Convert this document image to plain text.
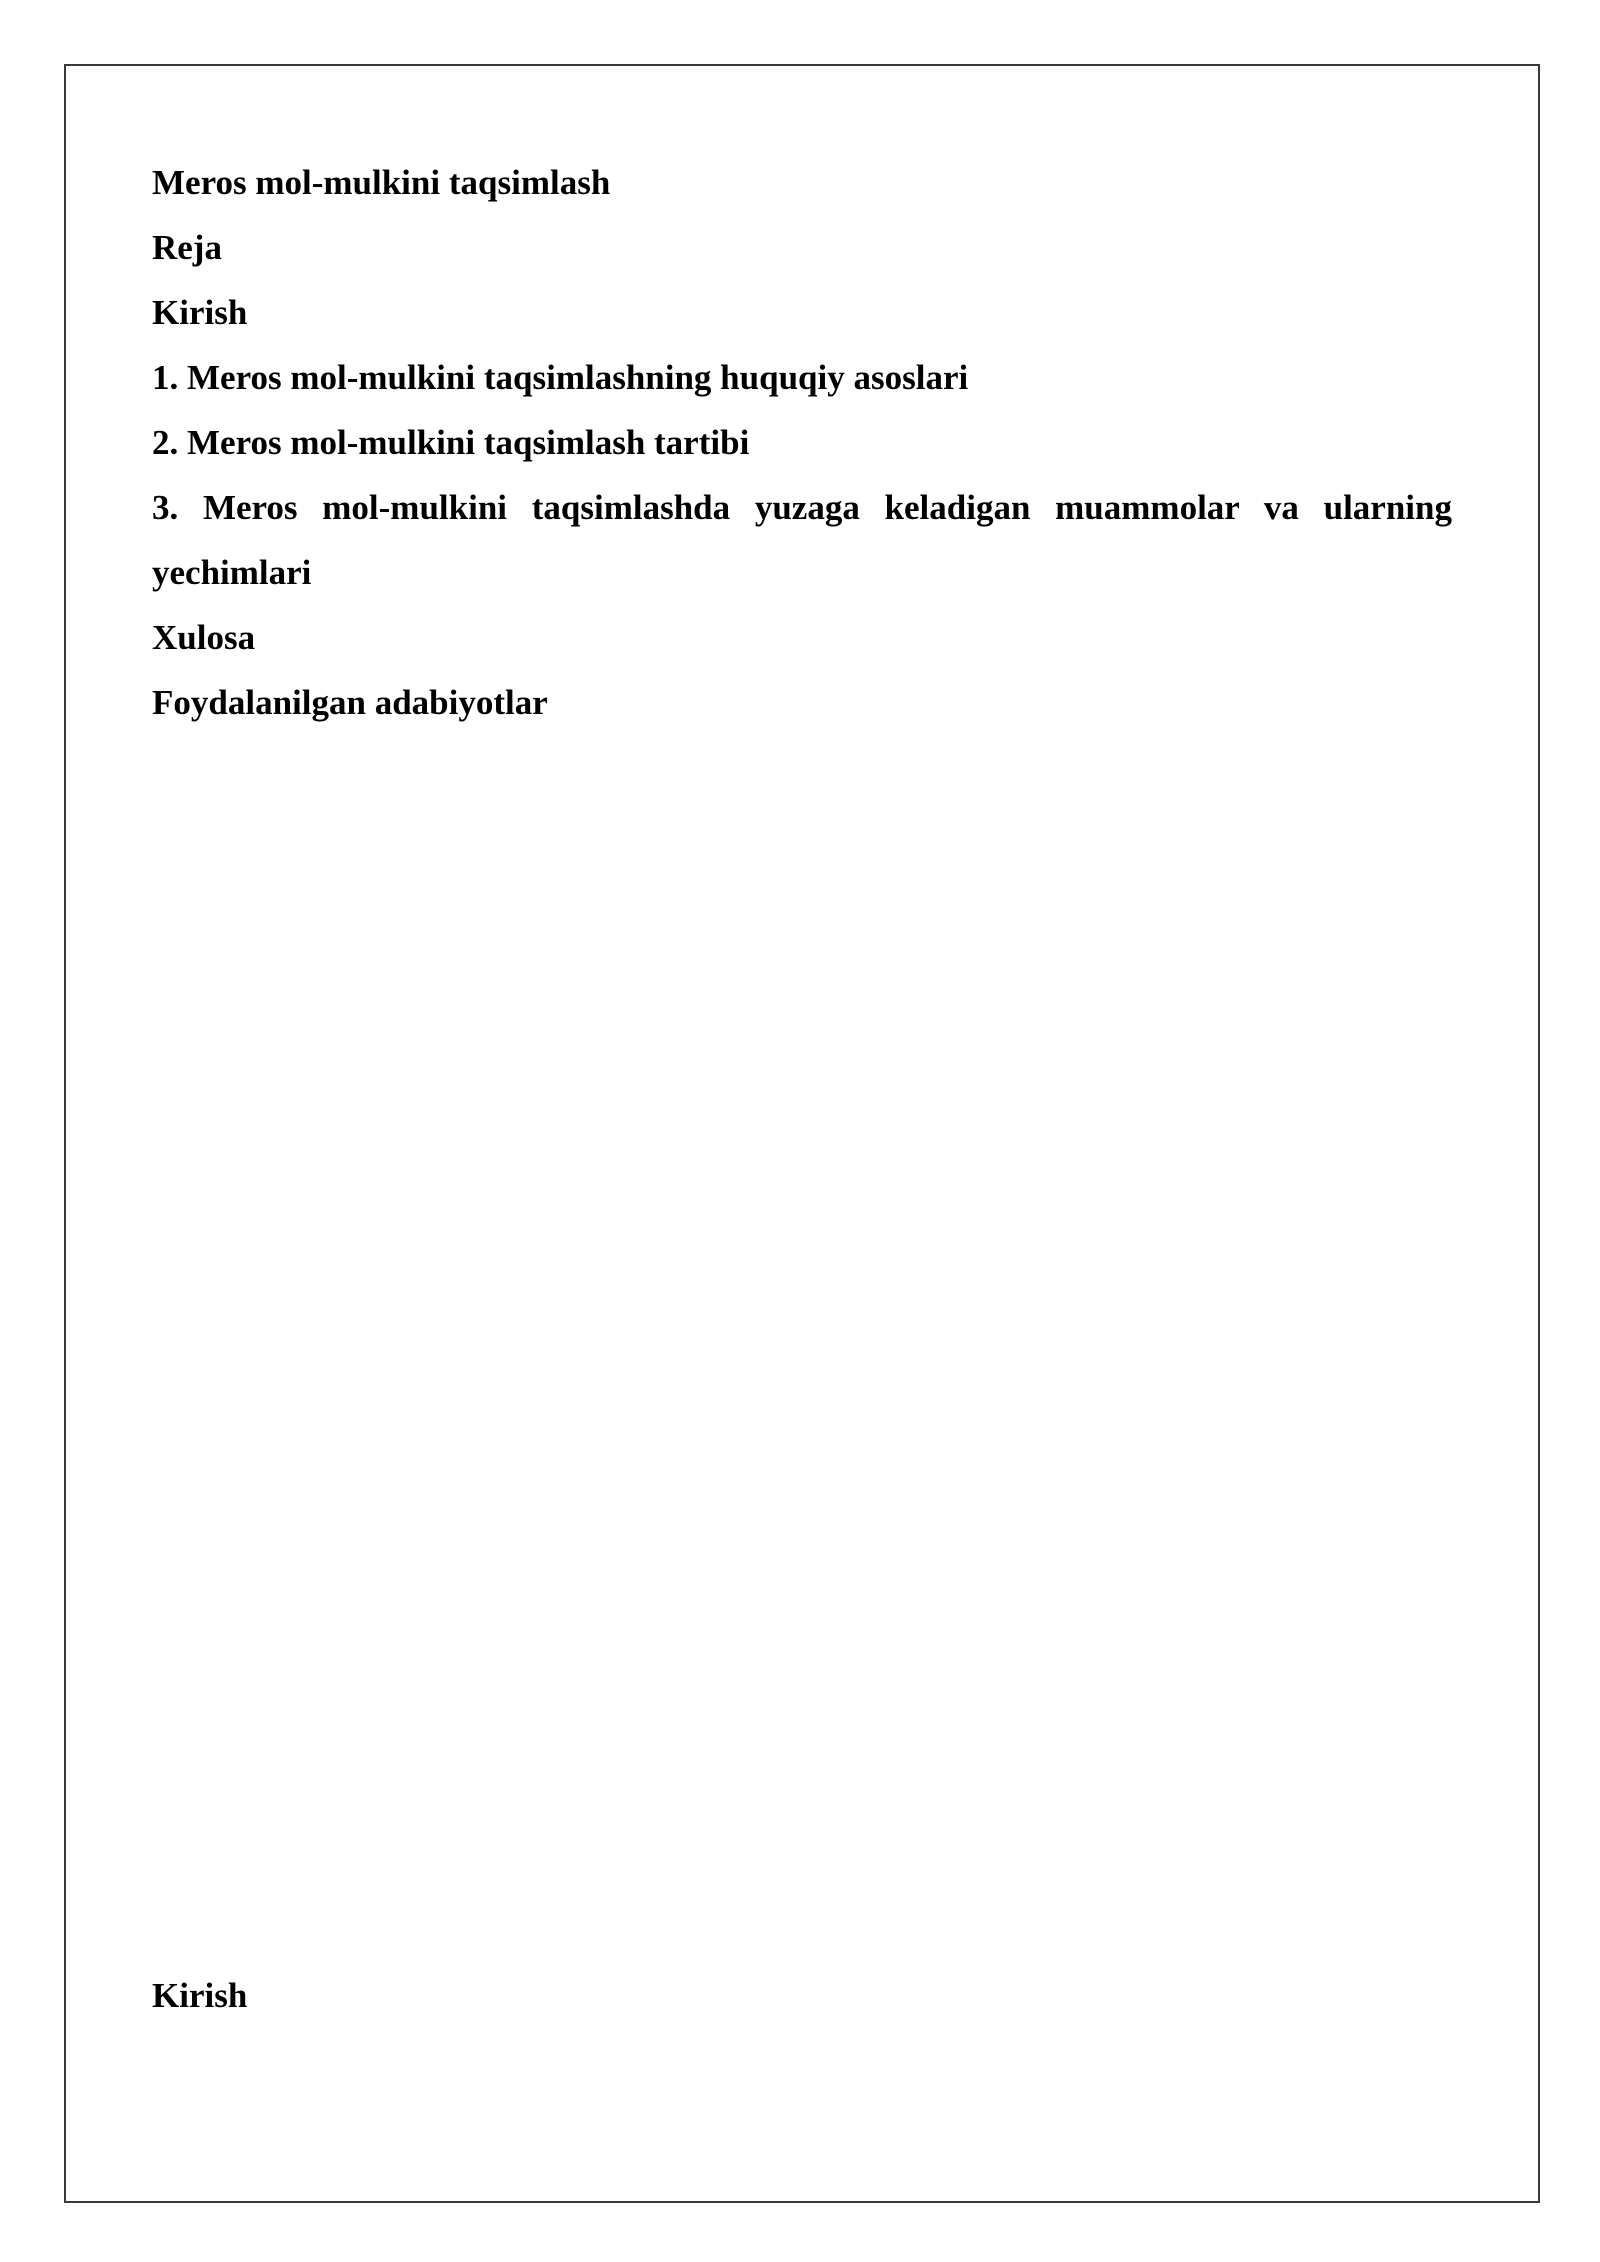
Meros mol-mulkini taqsimlash

Reja

Kirish

1. Meros mol-mulkini taqsimlashning huquqiy asoslari

2. Meros mol-mulkini taqsimlash tartibi

3. Meros mol-mulkini taqsimlashda yuzaga keladigan muammolar va ularning yechimlari

Xulosa

Foydalanilgan adabiyotlar

Kirish
